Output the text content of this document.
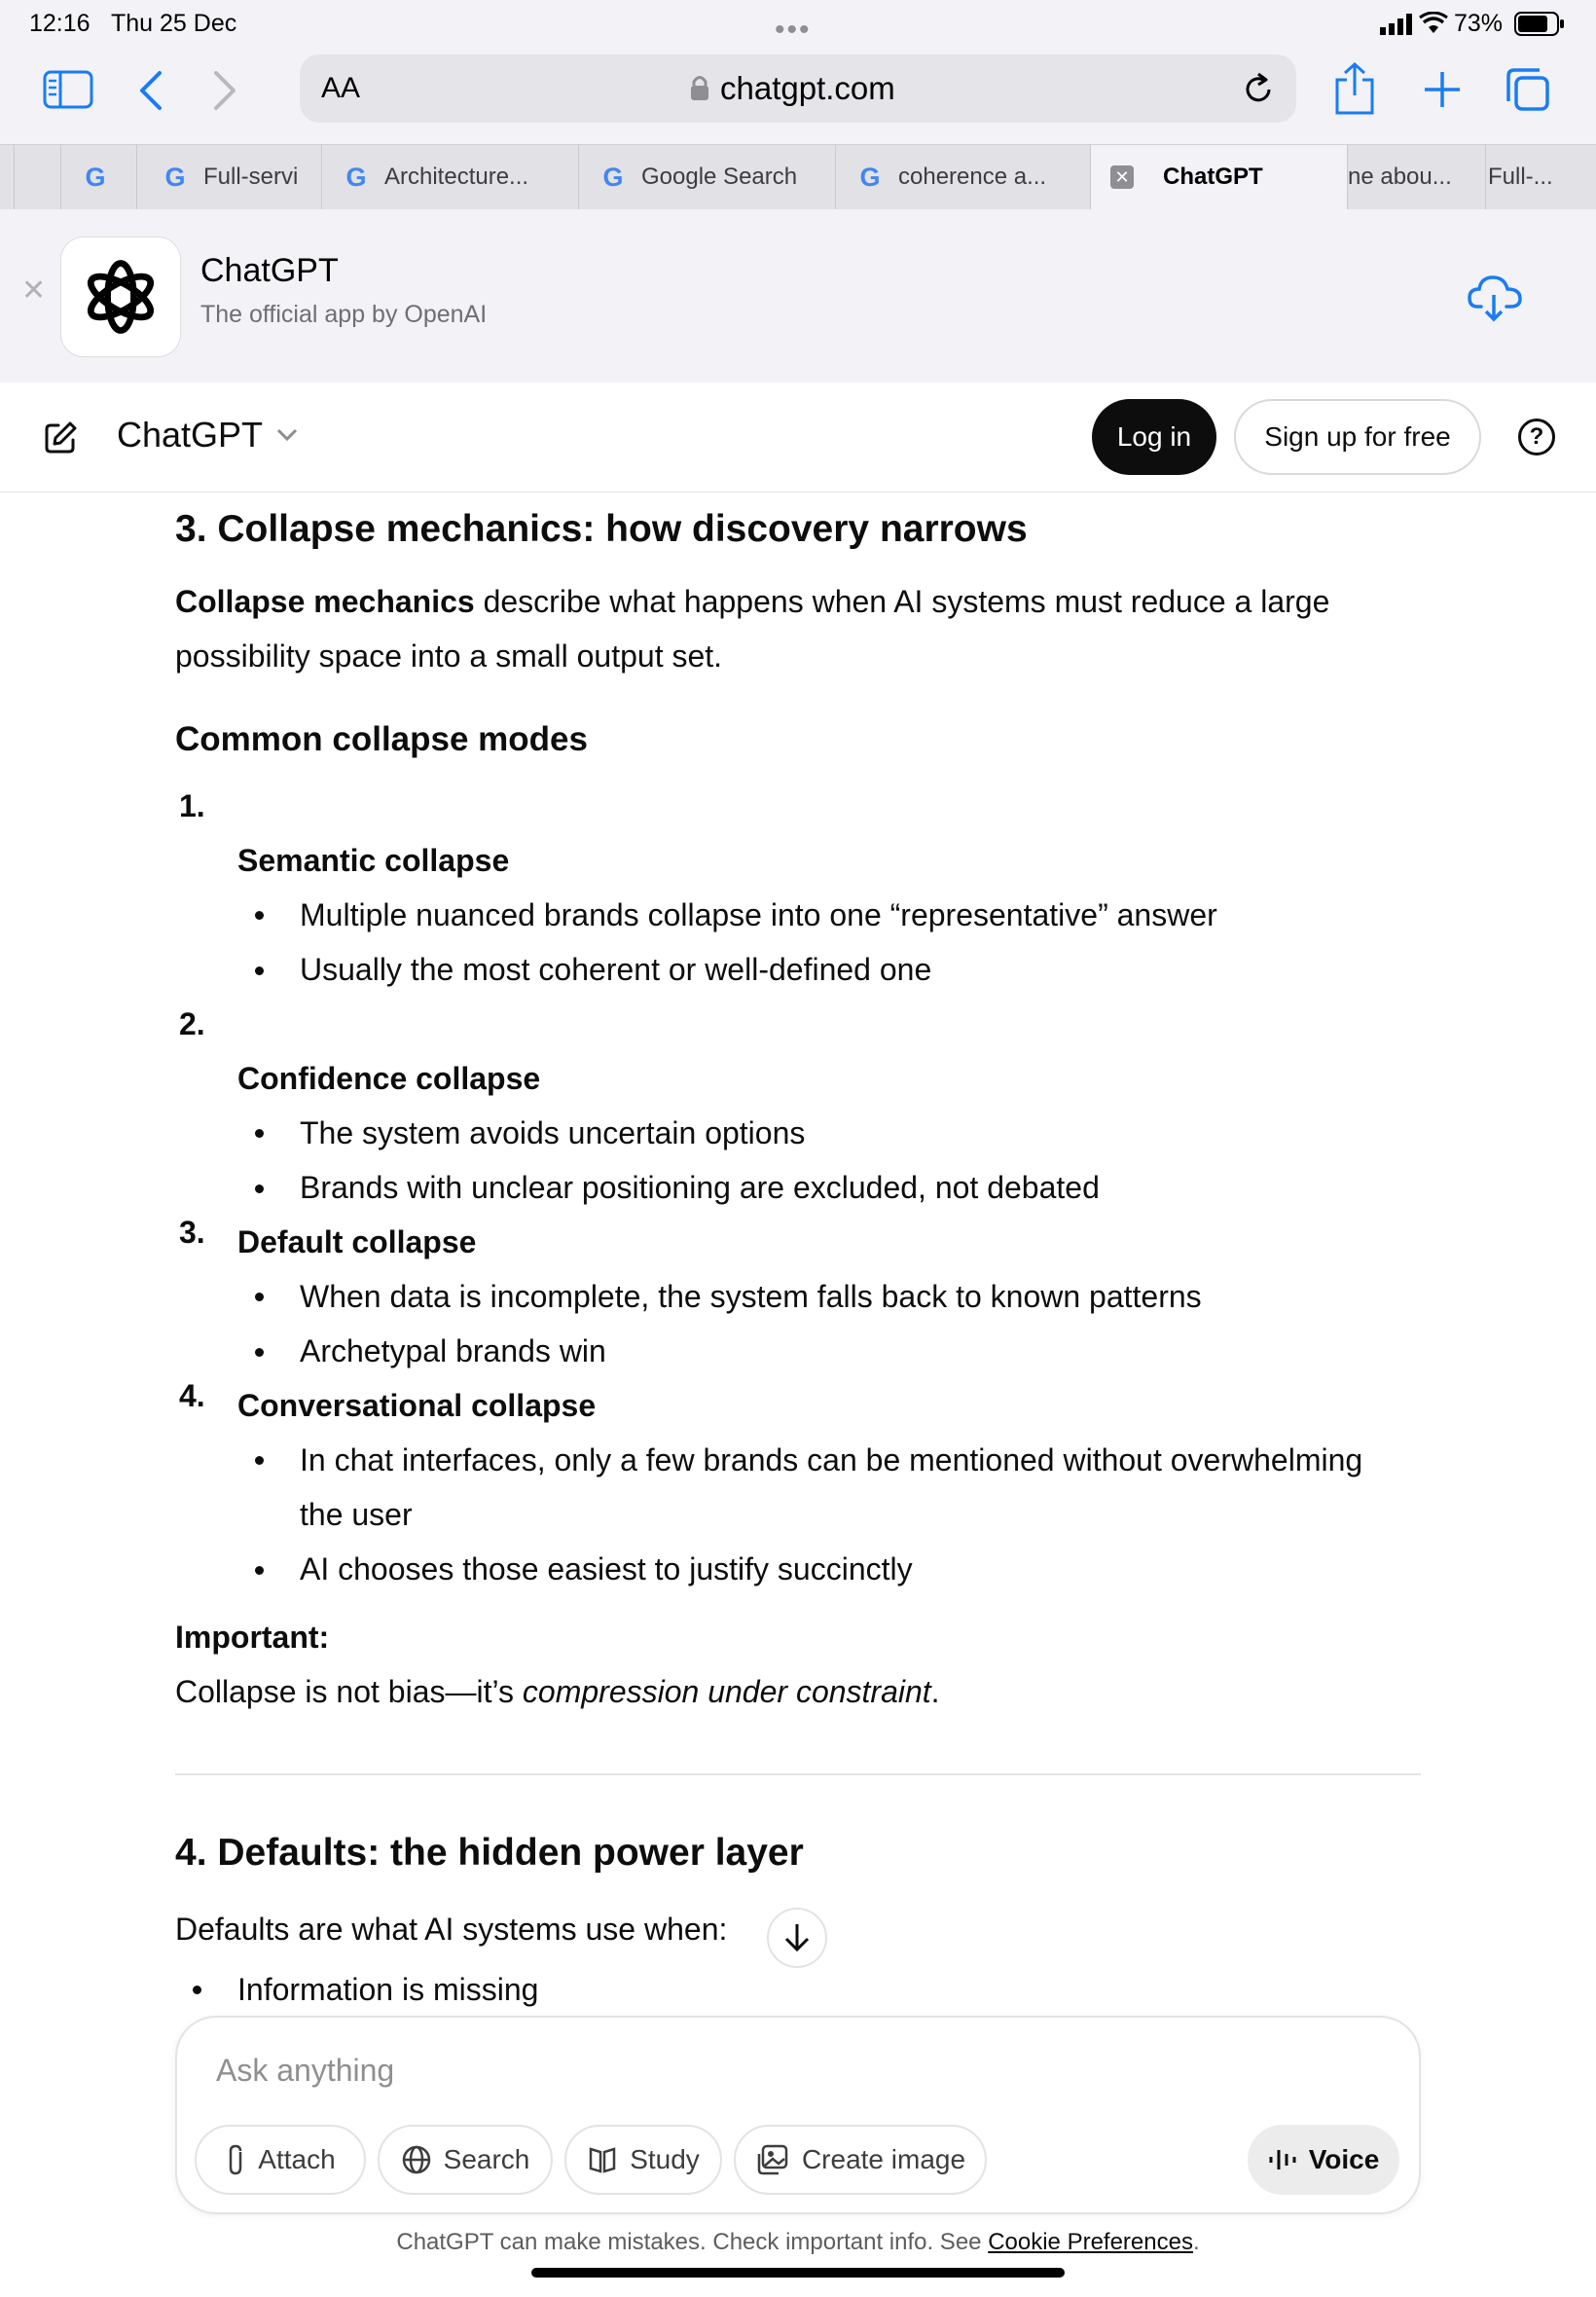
12:16 Thu 25 Dec	•••	73%
AA	chatgpt.com
G G Full-servi G Architecture...	G Google Search G coherence a...	✕ ChatGPT	ne abou... Full-...
✕
ChatGPT
The official app by OpenAI
ChatGPT	Log in	Sign up for free	?
3. Collapse mechanics: how discovery narrows
Collapse mechanics describe what happens when AI systems must reduce a large
possibility space into a small output set.
Common collapse modes
1.
Semantic collapse
Multiple nuanced brands collapse into one “representative” answer
Usually the most coherent or well-defined one
2.
Confidence collapse
The system avoids uncertain options
Brands with unclear positioning are excluded, not debated
3. Default collapse
When data is incomplete, the system falls back to known patterns
Archetypal brands win
4. Conversational collapse
In chat interfaces, only a few brands can be mentioned without overwhelming
the user
AI chooses those easiest to justify succinctly
Important:
Collapse is not bias—it’s compression under constraint.
4. Defaults: the hidden power layer
Defaults are what AI systems use when:
Information is missing
Ask anything
Attach	Search	Study	Create image	Voice
ChatGPT can make mistakes. Check important info. See Cookie Preferences.
